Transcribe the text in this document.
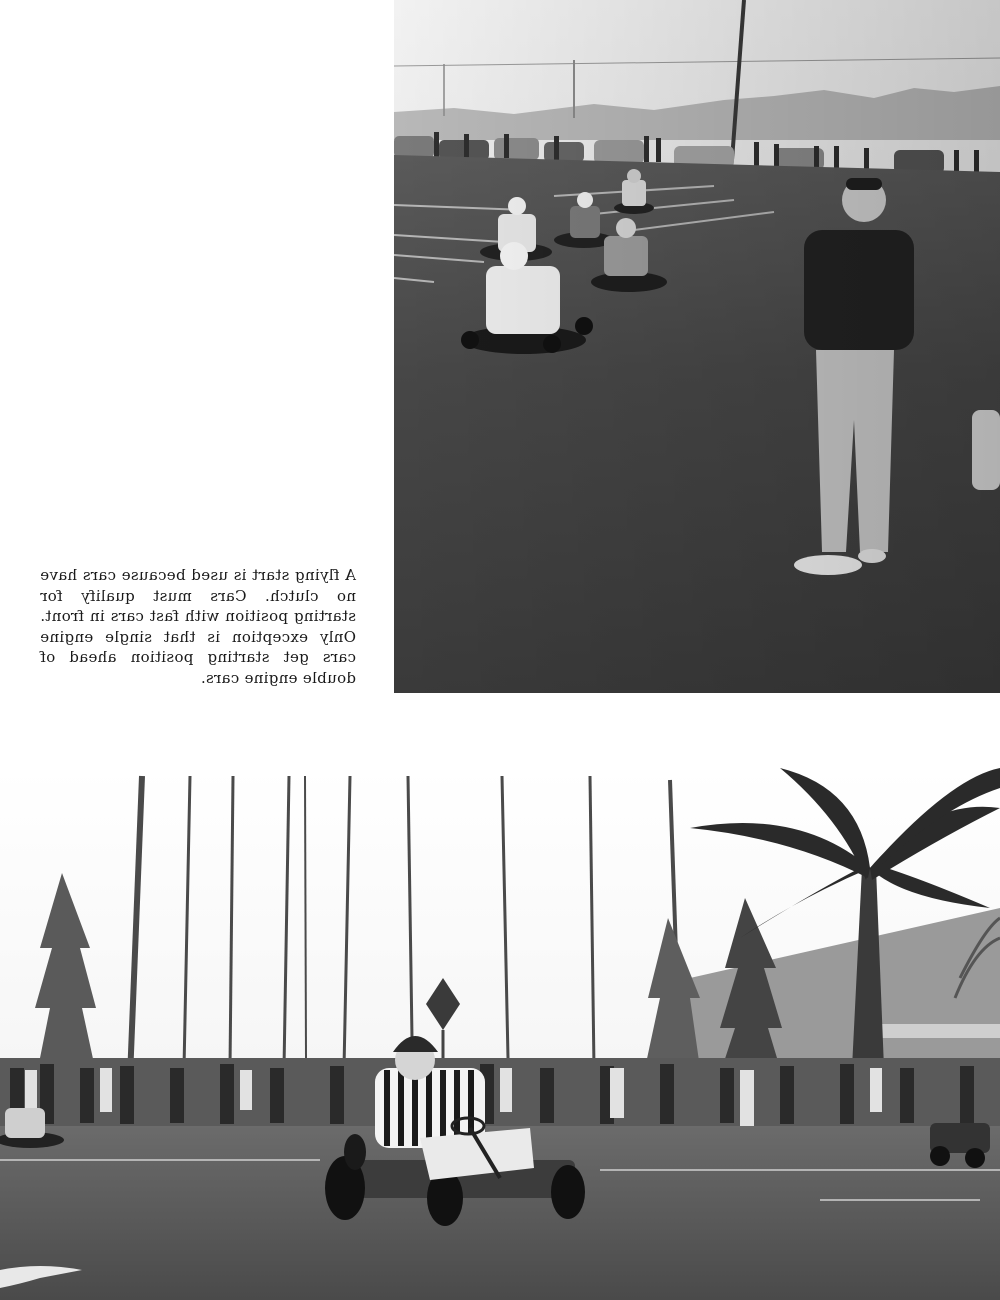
A flying start is used because cars have no clutch. Cars must qualify for starting position with fast cars in front. Only exception is that single engine cars get starting position ahead of double engine cars.
